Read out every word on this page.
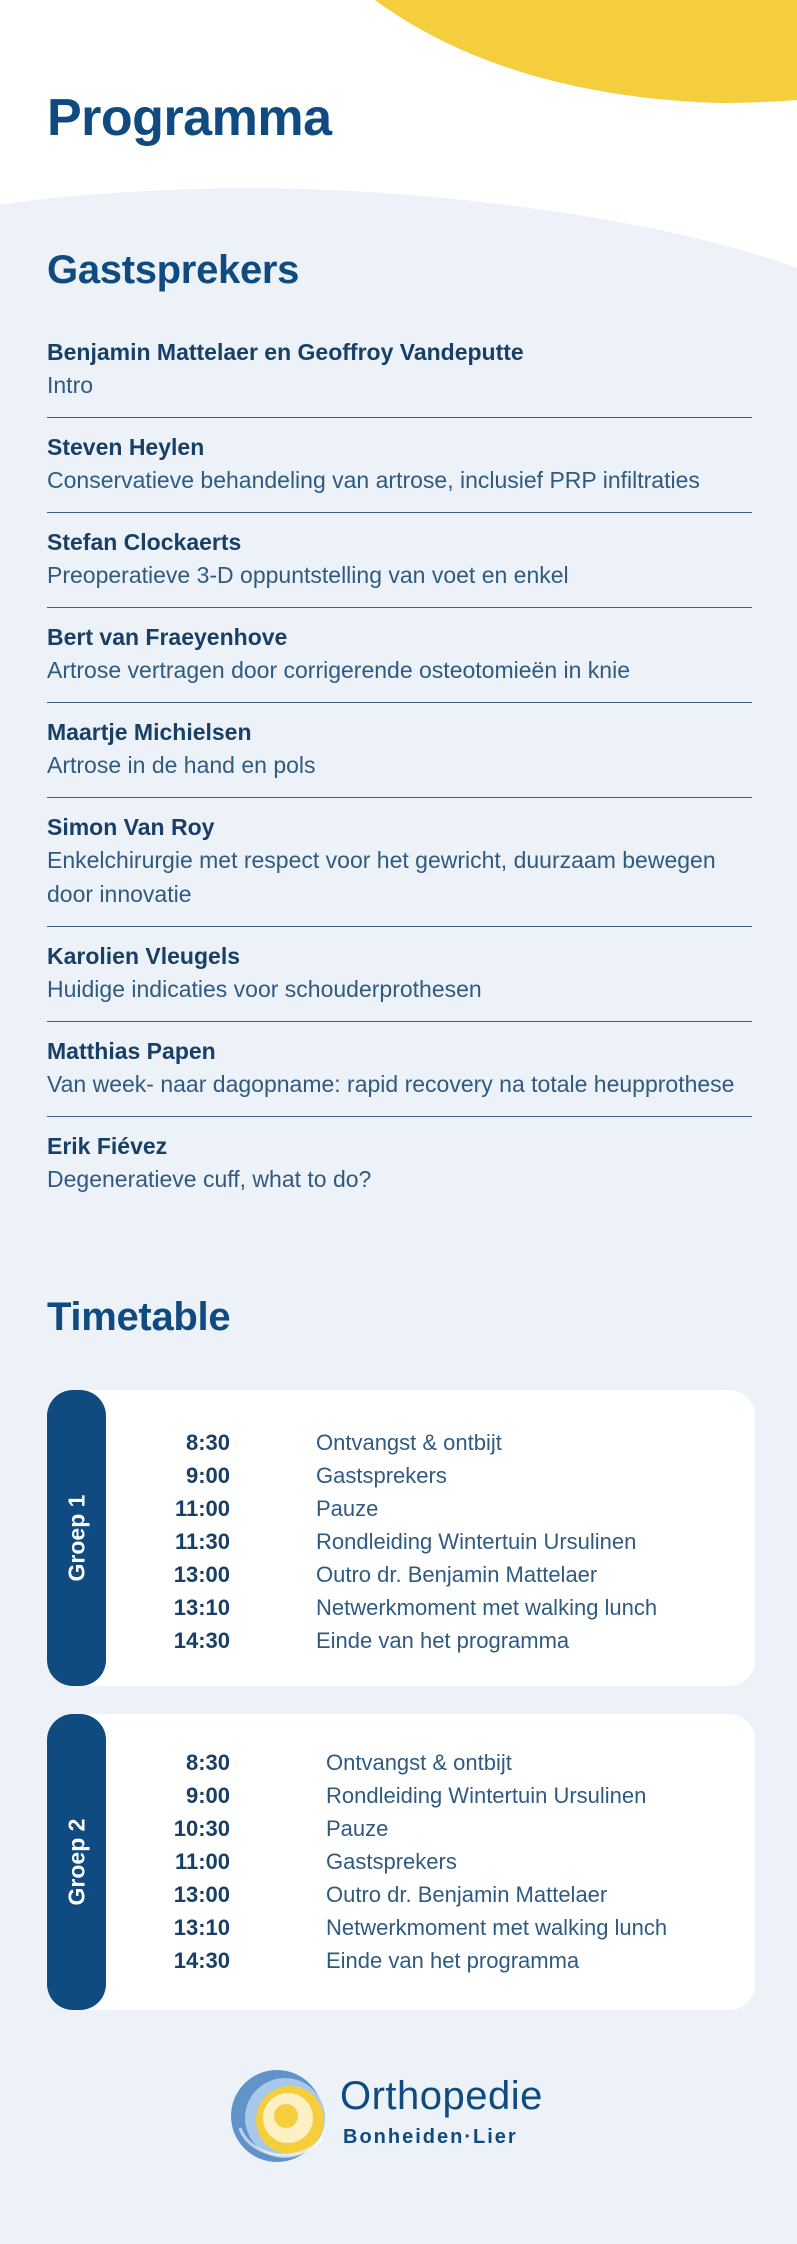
Programma
Gastsprekers
Benjamin Mattelaer en Geoffroy Vandeputte
Intro
Steven Heylen
Conservatieve behandeling van artrose, inclusief PRP infiltraties
Stefan Clockaerts
Preoperatieve 3-D oppuntstelling van voet en enkel
Bert van Fraeyenhove
Artrose vertragen door corrigerende osteotomieën in knie
Maartje Michielsen
Artrose in de hand en pols
Simon Van Roy
Enkelchirurgie met respect voor het gewricht, duurzaam bewegen door innovatie
Karolien Vleugels
Huidige indicaties voor schouderprothesen
Matthias Papen
Van week- naar dagopname: rapid recovery na totale heupprothese
Erik Fiévez
Degeneratieve cuff, what to do?
Timetable
Groep 1
8:30	Ontvangst & ontbijt
9:00	Gastsprekers
11:00	Pauze
11:30	Rondleiding Wintertuin Ursulinen
13:00	Outro dr. Benjamin Mattelaer
13:10	Netwerkmoment met walking lunch
14:30	Einde van het programma
Groep 2
8:30	Ontvangst & ontbijt
9:00	Rondleiding Wintertuin Ursulinen
10:30	Pauze
11:00	Gastsprekers
13:00	Outro dr. Benjamin Mattelaer
13:10	Netwerkmoment met walking lunch
14:30	Einde van het programma
Orthopedie
Bonheiden·Lier
